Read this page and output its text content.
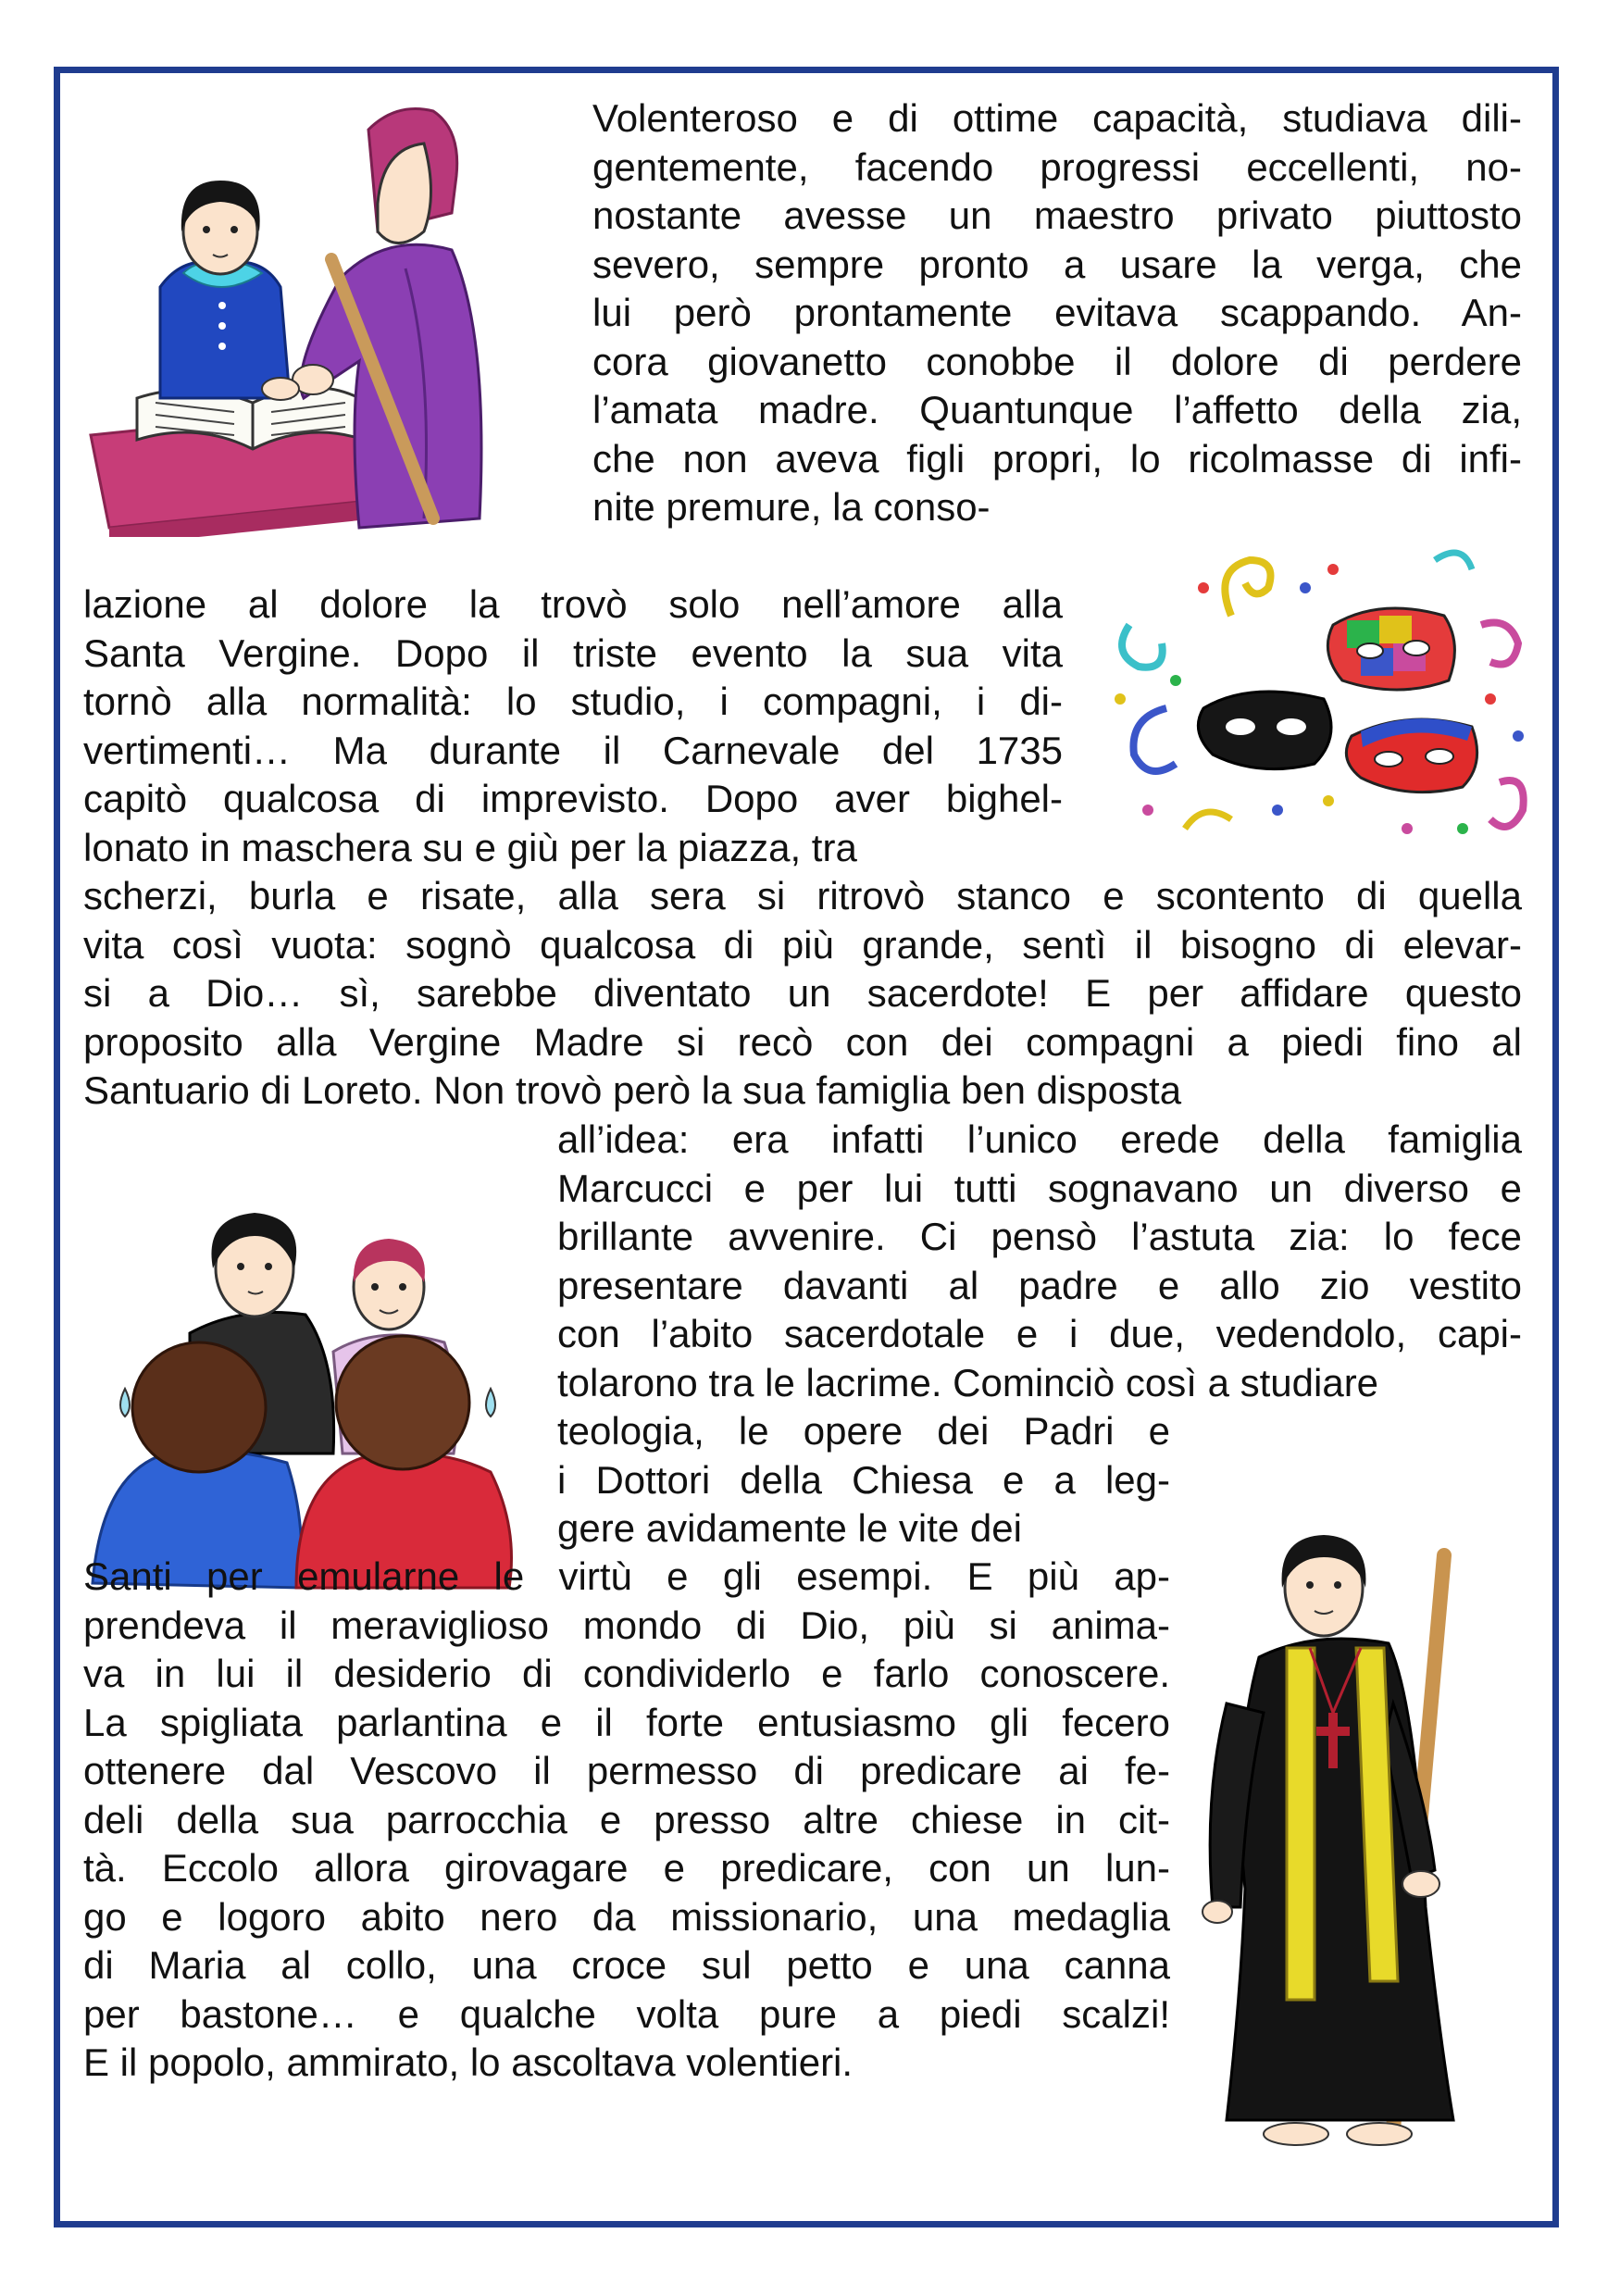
Volenteroso e di ottime capacità, studiava dili-
gentemente, facendo progressi eccellenti, no-
nostante avesse un maestro privato piuttosto
severo, sempre pronto a usare la verga, che
lui però prontamente evitava scappando. An-
cora giovanetto conobbe il dolore di perdere
l’amata madre. Quantunque l’affetto della zia,
che non aveva figli propri, lo ricolmasse di infi-
nite premure, la conso-
lazione al dolore la trovò solo nell’amore alla
Santa Vergine. Dopo il triste evento la sua vita
tornò alla normalità: lo studio, i compagni, i di-
vertimenti… Ma durante il Carnevale del 1735
capitò qualcosa di imprevisto. Dopo aver bighel-
lonato in maschera su e giù per la piazza, tra
scherzi, burla e risate, alla sera si ritrovò stanco e scontento di quella
vita così vuota: sognò qualcosa di più grande, sentì il bisogno di elevar-
si a Dio… sì, sarebbe diventato un sacerdote! E per affidare questo
proposito alla Vergine Madre si recò con dei compagni a piedi fino al
Santuario di Loreto. Non trovò però la sua famiglia ben disposta
all’idea: era infatti l’unico erede della famiglia
Marcucci e per lui tutti sognavano un diverso e
brillante avvenire. Ci pensò l’astuta zia: lo fece
presentare davanti al padre e allo zio vestito
con l’abito sacerdotale e i due, vedendolo, capi-
tolarono tra le lacrime. Cominciò così a studiare
teologia, le opere dei Padri e
i Dottori della Chiesa e a leg-
gere avidamente le vite dei
Santi per emularne le virtù e gli esempi. E più ap-
prendeva il meraviglioso mondo di Dio, più si anima-
va in lui il desiderio di condividerlo e farlo conoscere.
La spigliata parlantina e il forte entusiasmo gli fecero
ottenere dal Vescovo il permesso di predicare ai fe-
deli della sua parrocchia e presso altre chiese in cit-
tà. Eccolo allora girovagare e predicare, con un lun-
go e logoro abito nero da missionario, una medaglia
di Maria al collo, una croce sul petto e una canna
per bastone… e qualche volta pure a piedi scalzi!
E il popolo, ammirato, lo ascoltava volentieri.
